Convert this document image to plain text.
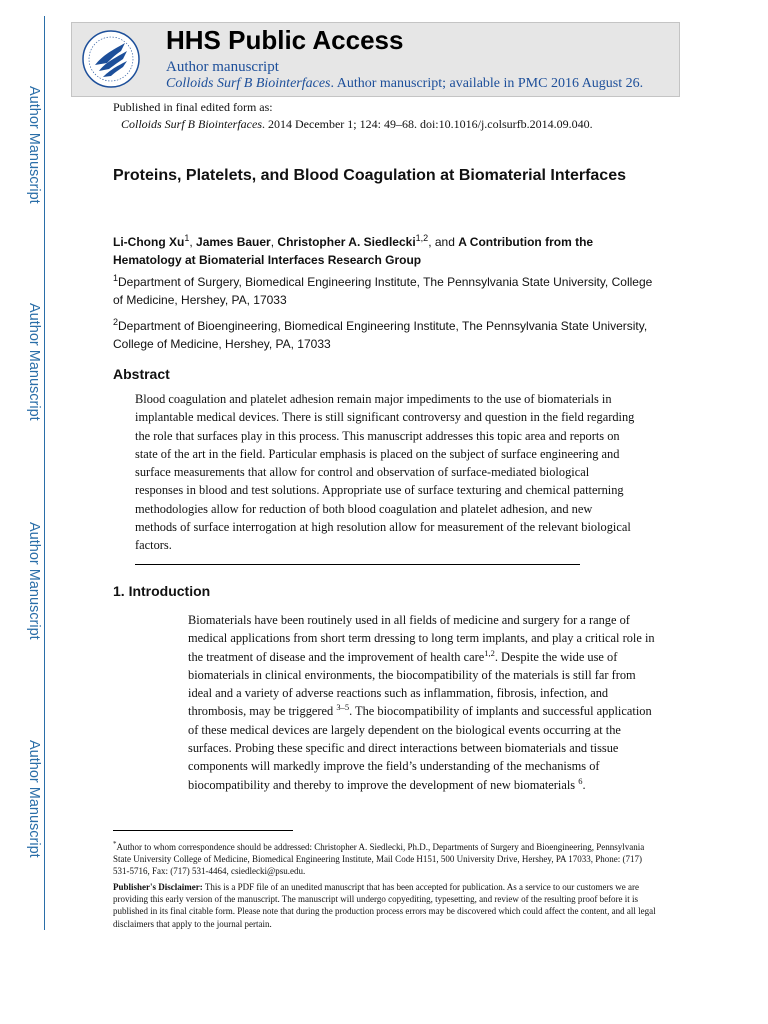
Author Manuscript
Author Manuscript
Author Manuscript
Author Manuscript
HHS Public Access
Author manuscript
Colloids Surf B Biointerfaces. Author manuscript; available in PMC 2016 August 26.
Published in final edited form as:
Colloids Surf B Biointerfaces. 2014 December 1; 124: 49–68. doi:10.1016/j.colsurfb.2014.09.040.
Proteins, Platelets, and Blood Coagulation at Biomaterial Interfaces
Li-Chong Xu$^1$, James Bauer, Christopher A. Siedlecki$^{1,2}$, and A Contribution from the Hematology at Biomaterial Interfaces Research Group
$^1$Department of Surgery, Biomedical Engineering Institute, The Pennsylvania State University, College of Medicine, Hershey, PA, 17033
$^2$Department of Bioengineering, Biomedical Engineering Institute, The Pennsylvania State University, College of Medicine, Hershey, PA, 17033
Abstract
Blood coagulation and platelet adhesion remain major impediments to the use of biomaterials in implantable medical devices. There is still significant controversy and question in the field regarding the role that surfaces play in this process. This manuscript addresses this topic area and reports on state of the art in the field. Particular emphasis is placed on the subject of surface engineering and surface measurements that allow for control and observation of surface-mediated biological responses in blood and test solutions. Appropriate use of surface texturing and chemical patterning methodologies allow for reduction of both blood coagulation and platelet adhesion, and new methods of surface interrogation at high resolution allow for measurement of the relevant biological factors.
1. Introduction
Biomaterials have been routinely used in all fields of medicine and surgery for a range of medical applications from short term dressing to long term implants, and play a critical role in the treatment of disease and the improvement of health care$^{1,2}$. Despite the wide use of biomaterials in clinical environments, the biocompatibility of the materials is still far from ideal and a variety of adverse reactions such as inflammation, fibrosis, infection, and thrombosis, may be triggered $^{3-5}$. The biocompatibility of implants and successful application of these medical devices are largely dependent on the biological events occurring at the surfaces. Probing these specific and direct interactions between biomaterials and tissue components will markedly improve the field’s understanding of the mechanisms of biocompatibility and thereby to improve the development of new biomaterials $^6$.
*Author to whom correspondence should be addressed: Christopher A. Siedlecki, Ph.D., Departments of Surgery and Bioengineering, Pennsylvania State University College of Medicine, Biomedical Engineering Institute, Mail Code H151, 500 University Drive, Hershey, PA 17033, Phone: (717) 531-5716, Fax: (717) 531-4464, csiedlecki@psu.edu.
Publisher's Disclaimer: This is a PDF file of an unedited manuscript that has been accepted for publication. As a service to our customers we are providing this early version of the manuscript. The manuscript will undergo copyediting, typesetting, and review of the resulting proof before it is published in its final citable form. Please note that during the production process errors may be discovered which could affect the content, and all legal disclaimers that apply to the journal pertain.
